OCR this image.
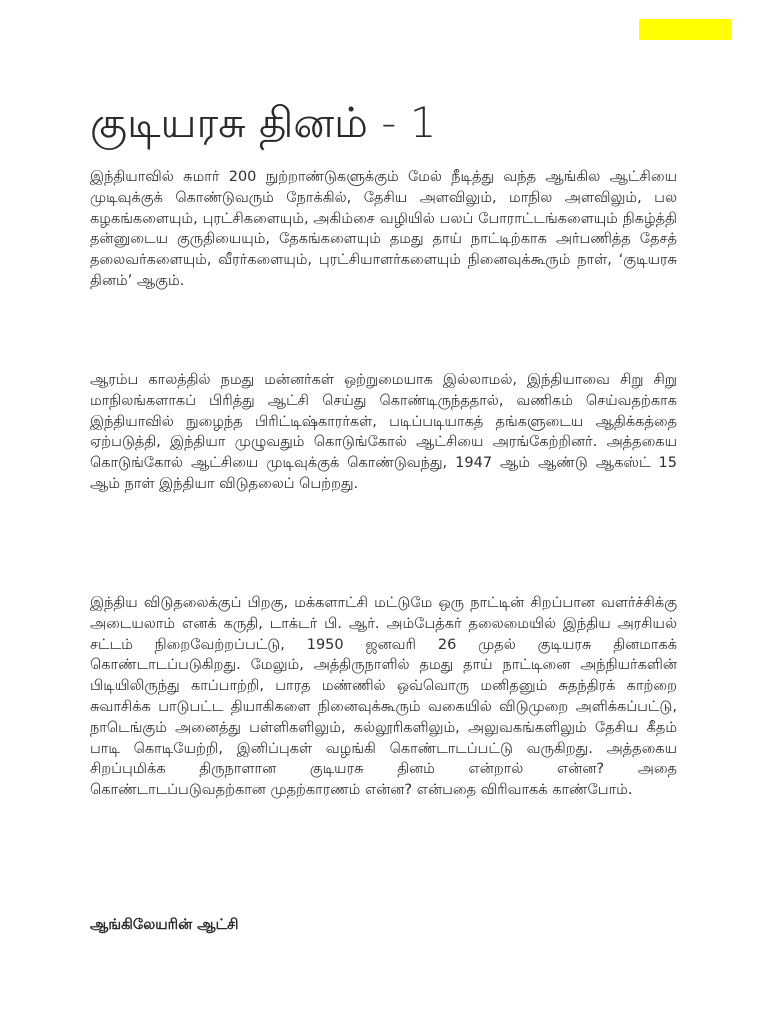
குடியரசு தினம் - 1

இந்தியாவில் சுமார் 200 நுற்றாண்டுகளுக்கும் மேல் நீடித்து வந்த ஆங்கில ஆட்சியை முடிவுக்குக் கொண்டுவரும் நோக்கில், தேசிய அளவிலும், மாநில அளவிலும், பல கழகங்களையும், புரட்சிகளையும், அகிம்சை வழியில் பலப் போராட்டங்களையும் நிகழ்த்தி தன்னுடைய குருதியையும், தேகங்களையும் தமது தாய் நாட்டிற்காக அர்பணித்த தேசத் தலைவர்களையும், வீரர்களையும், புரட்சியாளர்களையும் நினைவுக்கூரும் நாள், ‘குடியரசு தினம்’ ஆகும்.

ஆரம்ப காலத்தில் நமது மன்னர்கள் ஒற்றுமையாக இல்லாமல், இந்தியாவை சிறு சிறு மாநிலங்களாகப் பிரித்து ஆட்சி செய்து கொண்டிருந்ததால், வணிகம் செய்வதற்காக இந்தியாவில் நுழைந்த பிரிட்டிஷ்காரர்கள், படிப்படியாகத் தங்களுடைய ஆதிக்கத்தை ஏற்படுத்தி, இந்தியா முழுவதும் கொடுங்கோல் ஆட்சியை அரங்கேற்றினர். அத்தகைய கொடுங்கோல் ஆட்சியை முடிவுக்குக் கொண்டுவந்து, 1947 ஆம் ஆண்டு ஆகஸ்ட் 15 ஆம் நாள் இந்தியா விடுதலைப் பெற்றது.

இந்திய விடுதலைக்குப் பிறகு, மக்களாட்சி மட்டுமே ஒரு நாட்டின் சிறப்பான வளர்ச்சிக்கு அடையலாம் எனக் கருதி, டாக்டர் பி. ஆர். அம்பேத்கர் தலைமையில் இந்திய அரசியல் சட்டம் நிறைவேற்றப்பட்டு, 1950 ஜனவரி 26 முதல் குடியரசு தினமாகக் கொண்டாடப்படுகிறது. மேலும், அத்திருநாளில் தமது தாய் நாட்டினை அந்நியர்களின் பிடியிலிருந்து காப்பாற்றி, பாரத மண்ணில் ஒவ்வொரு மனிதனும் சுதந்திரக் காற்றை சுவாசிக்க பாடுபட்ட தியாகிகளை நினைவுக்கூரும் வகையில் விடுமுறை அளிக்கப்பட்டு, நாடெங்கும் அனைத்து பள்ளிகளிலும், கல்லூரிகளிலும், அலுவகங்களிலும் தேசிய கீதம் பாடி கொடியேற்றி, இனிப்புகள் வழங்கி கொண்டாடப்பட்டு வருகிறது. அத்தகைய சிறப்புமிக்க திருநாளான குடியரசு தினம் என்றால் என்ன? அதை கொண்டாடப்படுவதற்கான முதற்காரணம் என்ன? என்பதை விரிவாகக் காண்போம்.

ஆங்கிலேயரின் ஆட்சி
